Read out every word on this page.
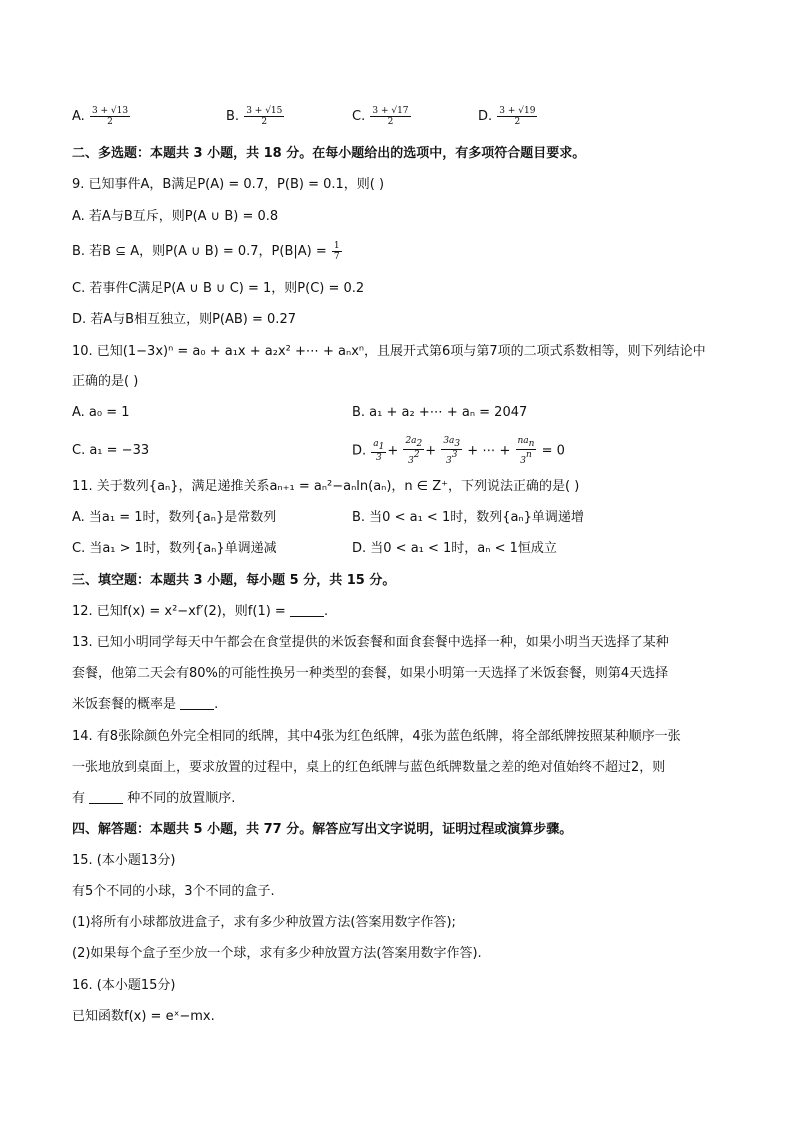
A. $\frac{3 + √13}{2}$	B. $\frac{3 + √15}{2}$	C. $\frac{3 + √17}{2}$	D. $\frac{3 + √19}{2}$
二、多选题：本题共 3 小题，共 18 分。在每小题给出的选项中，有多项符合题目要求。
9. 已知事件A，B满足P(A) = 0.7，P(B) = 0.1，则( )
A. 若A与B互斥，则P(A ∪ B) = 0.8
B. 若B ⊆ A，则P(A ∪ B) = 0.7，$P(B|A) = \frac{1}{7}$
C. 若事件C满足P(A ∪ B ∪ C) = 1，则P(C) = 0.2
D. 若A与B相互独立，则P(AB) = 0.27
10. 已知(1−3x)ⁿ = a₀ + a₁x + a₂x² +⋯ + aₙxⁿ，且展开式第6项与第7项的二项式系数相等，则下列结论中
正确的是( )
A. a₀ = 1	B. a₁ + a₂ +⋯ + aₙ = 2047
C. a₁ = −33	D. $\frac{a1}{3} + \frac{2a2}{32} + \frac{3a3}{33}$ + ⋯ + $\frac{\text{nan}}{3n} = 0$
11. 关于数列{aₙ}，满足递推关系aₙ₊₁ = aₙ²−aₙln(aₙ)，n ∈ Z⁺，下列说法正确的是( )
A. 当a₁ = 1时，数列{aₙ}是常数列	B. 当0 < a₁ < 1时，数列{aₙ}单调递增
C. 当a₁ > 1时，数列{aₙ}单调递减	D. 当0 < a₁ < 1时，aₙ < 1恒成立
三、填空题：本题共 3 小题，每小题 5 分，共 15 分。
12. 已知f(x) = x²−xf′(2)，则f(1) =	.
13. 已知小明同学每天中午都会在食堂提供的米饭套餐和面食套餐中选择一种，如果小明当天选择了某种
套餐，他第二天会有80%的可能性换另一种类型的套餐，如果小明第一天选择了米饭套餐，则第4天选择
米饭套餐的概率是	.
14. 有8张除颜色外完全相同的纸牌，其中4张为红色纸牌，4张为蓝色纸牌，将全部纸牌按照某种顺序一张
一张地放到桌面上，要求放置的过程中，桌上的红色纸牌与蓝色纸牌数量之差的绝对值始终不超过2，则
有	种不同的放置顺序.
四、解答题：本题共 5 小题，共 77 分。解答应写出文字说明，证明过程或演算步骤。
15. (本小题13分)
有5个不同的小球，3个不同的盒子.
(1)将所有小球都放进盒子，求有多少种放置方法(答案用数字作答);
(2)如果每个盒子至少放一个球，求有多少种放置方法(答案用数字作答).
16. (本小题15分)
已知函数f(x) = eˣ−mx.
